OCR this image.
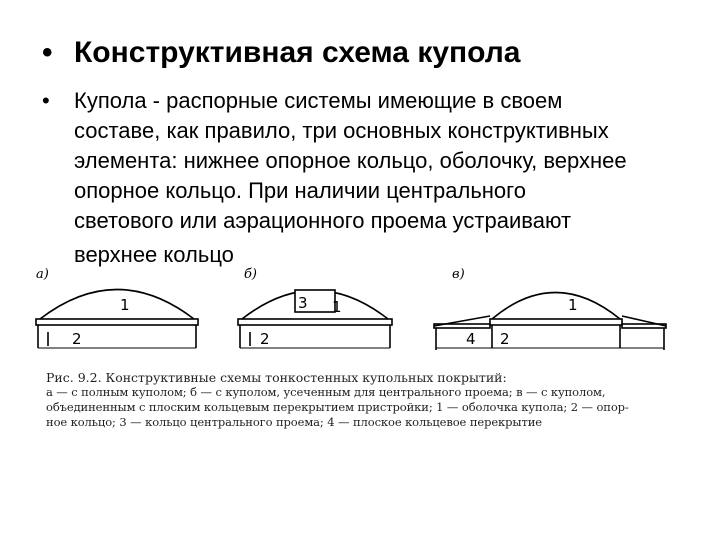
• Конструктивная схема купола
• Купола - распорные системы имеющие в своем
составе, как правило, три основных конструктивных
элемента: нижнее опорное кольцо, оболочку, верхнее
опорное кольцо. При наличии центрального
светового или аэрационного проема устраивают
верхнее кольцо
а)	б)	в)
1
2
3 1
2
1
4 2
Рис. 9.2. Конструктивные схемы тонкостенных купольных покрытий:
а — с полным куполом; б — с куполом, усеченным для центрального проема; в — с куполом,
объединенным с плоским кольцевым перекрытием пристройки; 1 — оболочка купола; 2 — опор-
ное кольцо; 3 — кольцо центрального проема; 4 — плоское кольцевое перекрытие
